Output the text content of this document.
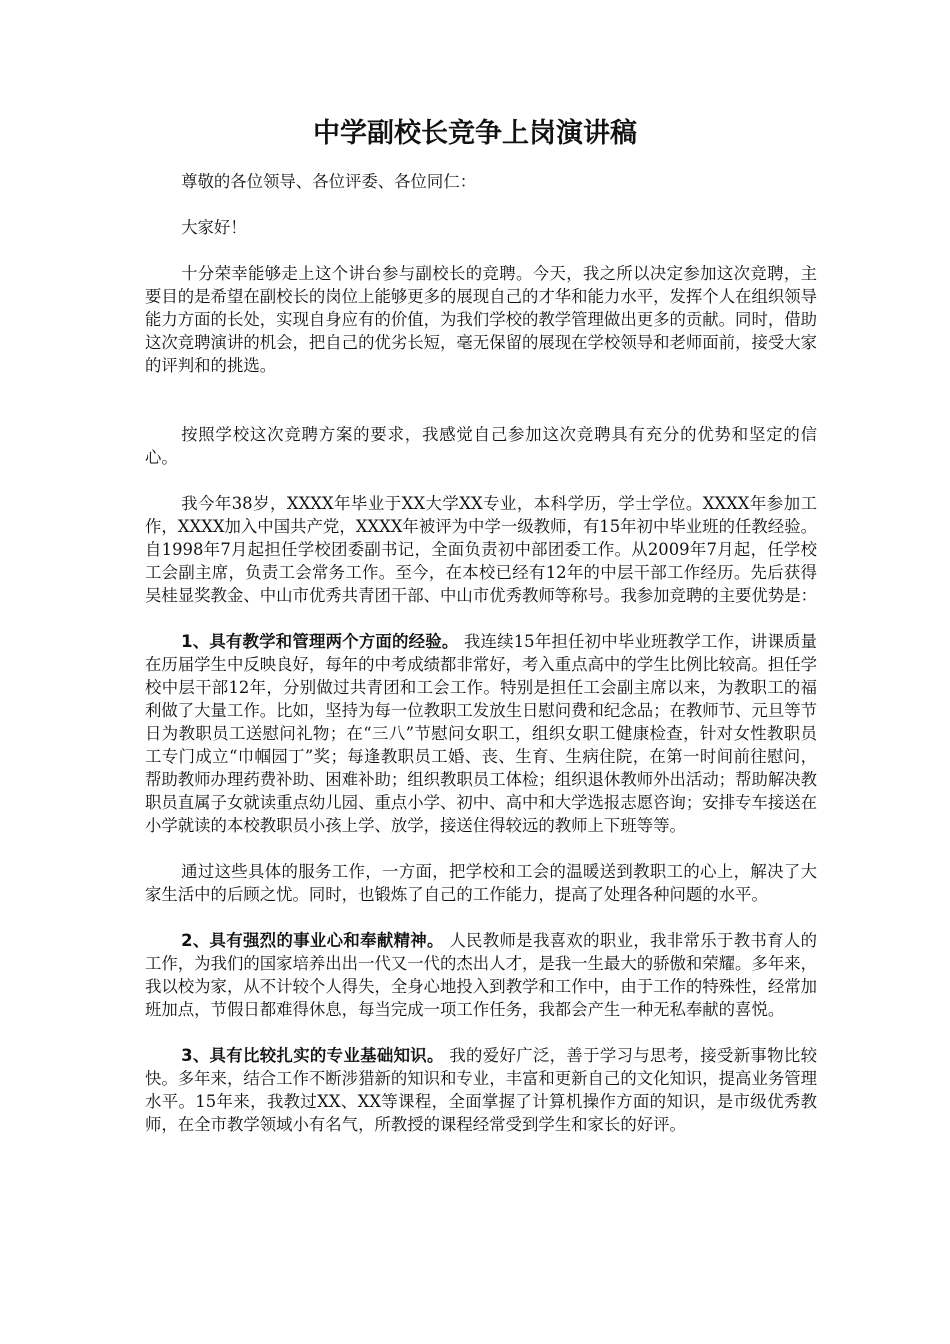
中学副校长竞争上岗演讲稿

尊敬的各位领导、各位评委、各位同仁：

大家好！

十分荣幸能够走上这个讲台参与副校长的竞聘。今天，我之所以决定参加这次竞聘，主要目的是希望在副校长的岗位上能够更多的展现自己的才华和能力水平，发挥个人在组织领导能力方面的长处，实现自身应有的价值，为我们学校的教学管理做出更多的贡献。同时，借助这次竞聘演讲的机会，把自己的优劣长短，毫无保留的展现在学校领导和老师面前，接受大家的评判和的挑选。

按照学校这次竞聘方案的要求，我感觉自己参加这次竞聘具有充分的优势和坚定的信心。

我今年38岁，XXXX年毕业于XX大学XX专业，本科学历，学士学位。XXXX年参加工作，XXXX加入中国共产党，XXXX年被评为中学一级教师，有15年初中毕业班的任教经验。自1998年7月起担任学校团委副书记，全面负责初中部团委工作。从2009年7月起，任学校工会副主席，负责工会常务工作。至今，在本校已经有12年的中层干部工作经历。先后获得吴桂显奖教金、中山市优秀共青团干部、中山市优秀教师等称号。我参加竞聘的主要优势是：

1、具有教学和管理两个方面的经验。 我连续15年担任初中毕业班教学工作，讲课质量在历届学生中反映良好，每年的中考成绩都非常好，考入重点高中的学生比例比较高。担任学校中层干部12年，分别做过共青团和工会工作。特别是担任工会副主席以来，为教职工的福利做了大量工作。比如，坚持为每一位教职工发放生日慰问费和纪念品；在教师节、元旦等节日为教职员工送慰问礼物；在“三八”节慰问女职工，组织女职工健康检查，针对女性教职员工专门成立“巾帼园丁”奖；每逢教职员工婚、丧、生育、生病住院，在第一时间前往慰问，帮助教师办理药费补助、困难补助；组织教职员工体检；组织退休教师外出活动；帮助解决教职员直属子女就读重点幼儿园、重点小学、初中、高中和大学选报志愿咨询；安排专车接送在小学就读的本校教职员小孩上学、放学，接送住得较远的教师上下班等等。

通过这些具体的服务工作，一方面，把学校和工会的温暖送到教职工的心上，解决了大家生活中的后顾之忧。同时，也锻炼了自己的工作能力，提高了处理各种问题的水平。

2、具有强烈的事业心和奉献精神。 人民教师是我喜欢的职业，我非常乐于教书育人的工作，为我们的国家培养出出一代又一代的杰出人才，是我一生最大的骄傲和荣耀。多年来，我以校为家，从不计较个人得失，全身心地投入到教学和工作中，由于工作的特殊性，经常加班加点，节假日都难得休息，每当完成一项工作任务，我都会产生一种无私奉献的喜悦。

3、具有比较扎实的专业基础知识。 我的爱好广泛，善于学习与思考，接受新事物比较快。多年来，结合工作不断涉猎新的知识和专业，丰富和更新自己的文化知识，提高业务管理水平。15年来，我教过XX、XX等课程，全面掌握了计算机操作方面的知识，是市级优秀教师，在全市教学领域小有名气，所教授的课程经常受到学生和家长的好评。
